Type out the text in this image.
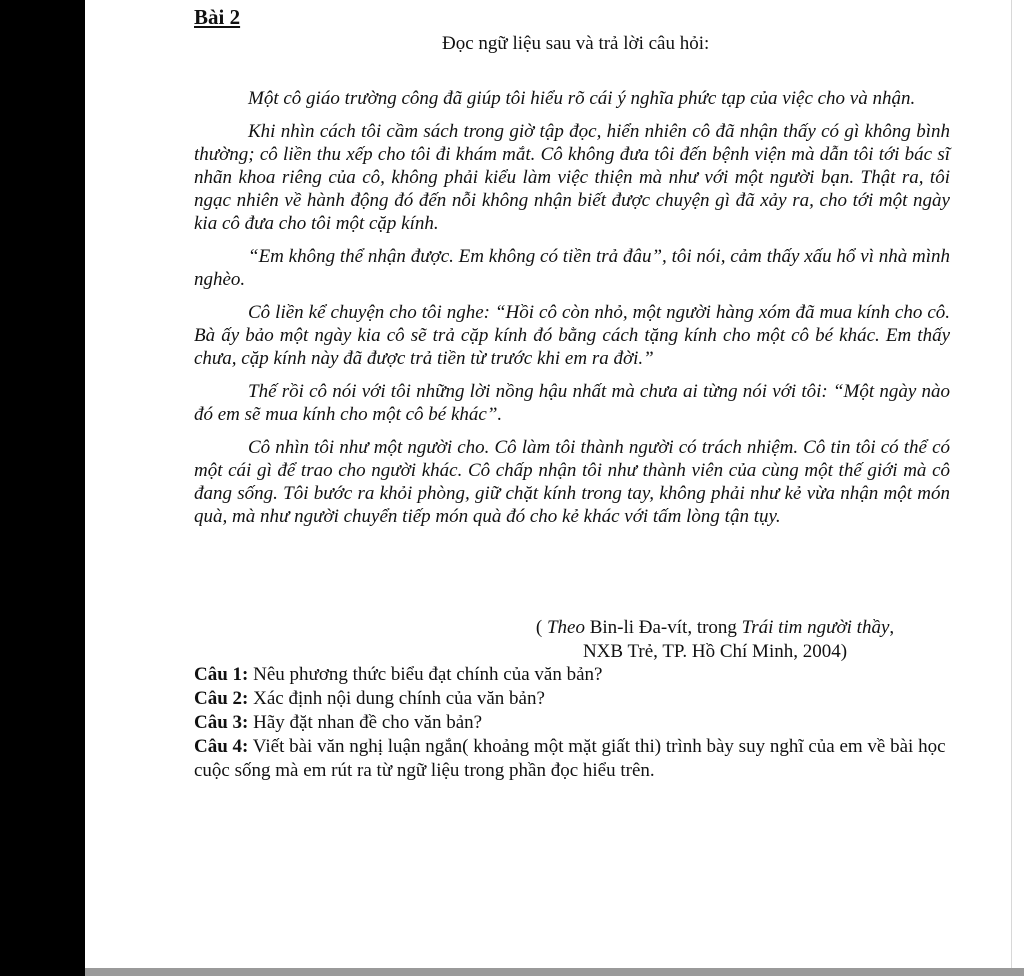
Bài 2

Đọc ngữ liệu sau và trả lời câu hỏi:

Một cô giáo trường công đã giúp tôi hiểu rõ cái ý nghĩa phức tạp của việc cho và nhận.

Khi nhìn cách tôi cầm sách trong giờ tập đọc, hiển nhiên cô đã nhận thấy có gì không bình thường; cô liền thu xếp cho tôi đi khám mắt. Cô không đưa tôi đến bệnh viện mà dẫn tôi tới bác sĩ nhãn khoa riêng của cô, không phải kiểu làm việc thiện mà như với một người bạn. Thật ra, tôi ngạc nhiên về hành động đó đến nỗi không nhận biết được chuyện gì đã xảy ra, cho tới một ngày kia cô đưa cho tôi một cặp kính.

“Em không thể nhận được. Em không có tiền trả đâu”, tôi nói, cảm thấy xấu hổ vì nhà mình nghèo.

Cô liền kể chuyện cho tôi nghe: “Hồi cô còn nhỏ, một người hàng xóm đã mua kính cho cô. Bà ấy bảo một ngày kia cô sẽ trả cặp kính đó bằng cách tặng kính cho một cô bé khác. Em thấy chưa, cặp kính này đã được trả tiền từ trước khi em ra đời.”

Thế rồi cô nói với tôi những lời nồng hậu nhất mà chưa ai từng nói với tôi: “Một ngày nào đó em sẽ mua kính cho một cô bé khác”.

Cô nhìn tôi như một người cho. Cô làm tôi thành người có trách nhiệm. Cô tin tôi có thể có một cái gì để trao cho người khác. Cô chấp nhận tôi như thành viên của cùng một thế giới mà cô đang sống. Tôi bước ra khỏi phòng, giữ chặt kính trong tay, không phải như kẻ vừa nhận một món quà, mà như người chuyển tiếp món quà đó cho kẻ khác với tấm lòng tận tụy.

( Theo Bin-li Đa-vít, trong Trái tim người thầy,
NXB Trẻ, TP. Hồ Chí Minh, 2004)

Câu 1: Nêu phương thức biểu đạt chính của văn bản?
Câu 2: Xác định nội dung chính của văn bản?
Câu 3: Hãy đặt nhan đề cho văn bản?
Câu 4: Viết bài văn nghị luận ngắn( khoảng một mặt giất thi) trình bày suy nghĩ của em về bài học cuộc sống mà em rút ra từ ngữ liệu trong phần đọc hiểu trên.
